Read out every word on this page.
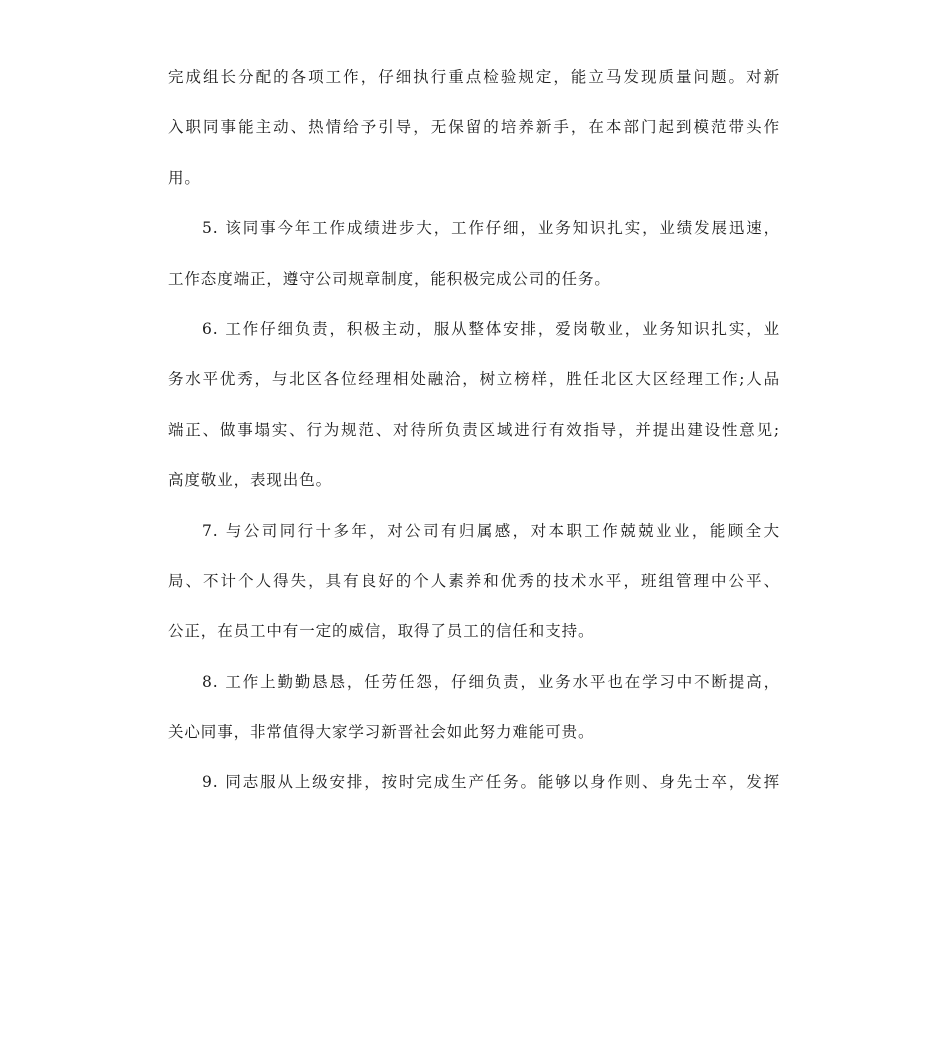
完成组长分配的各项工作，仔细执行重点检验规定，能立马发现质量问题。对新
入职同事能主动、热情给予引导，无保留的培养新手，在本部门起到模范带头作
用。
5. 该同事今年工作成绩进步大，工作仔细，业务知识扎实，业绩发展迅速，
工作态度端正，遵守公司规章制度，能积极完成公司的任务。
6. 工作仔细负责，积极主动，服从整体安排，爱岗敬业，业务知识扎实，业
务水平优秀，与北区各位经理相处融洽，树立榜样，胜任北区大区经理工作;人品
端正、做事塌实、行为规范、对待所负责区域进行有效指导，并提出建设性意见;
高度敬业，表现出色。
7. 与公司同行十多年，对公司有归属感，对本职工作兢兢业业，能顾全大
局、不计个人得失，具有良好的个人素养和优秀的技术水平，班组管理中公平、
公正，在员工中有一定的威信，取得了员工的信任和支持。
8. 工作上勤勤恳恳，任劳任怨，仔细负责，业务水平也在学习中不断提高，
关心同事，非常值得大家学习新晋社会如此努力难能可贵。
9. 同志服从上级安排，按时完成生产任务。能够以身作则、身先士卒，发挥
